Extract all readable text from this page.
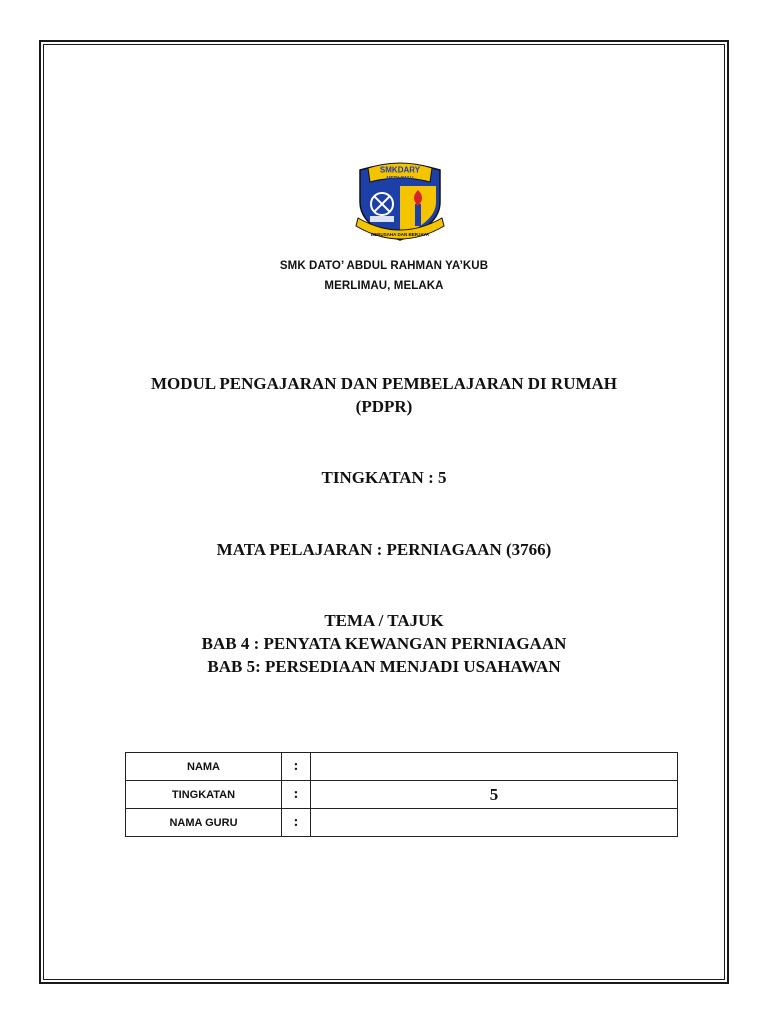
SMKDARY
MERLIMAU
BERUSAHA DAN BERJAYA
SMK DATO’ ABDUL RAHMAN YA’KUB
MERLIMAU, MELAKA
MODUL PENGAJARAN DAN PEMBELAJARAN DI RUMAH
(PDPR)
TINGKATAN : 5
MATA PELAJARAN : PERNIAGAAN (3766)
TEMA / TAJUK
BAB 4 : PENYATA KEWANGAN PERNIAGAAN
BAB 5: PERSEDIAAN MENJADI USAHAWAN
NAMA	:	
TINGKATAN	:	5
NAMA GURU	:	
